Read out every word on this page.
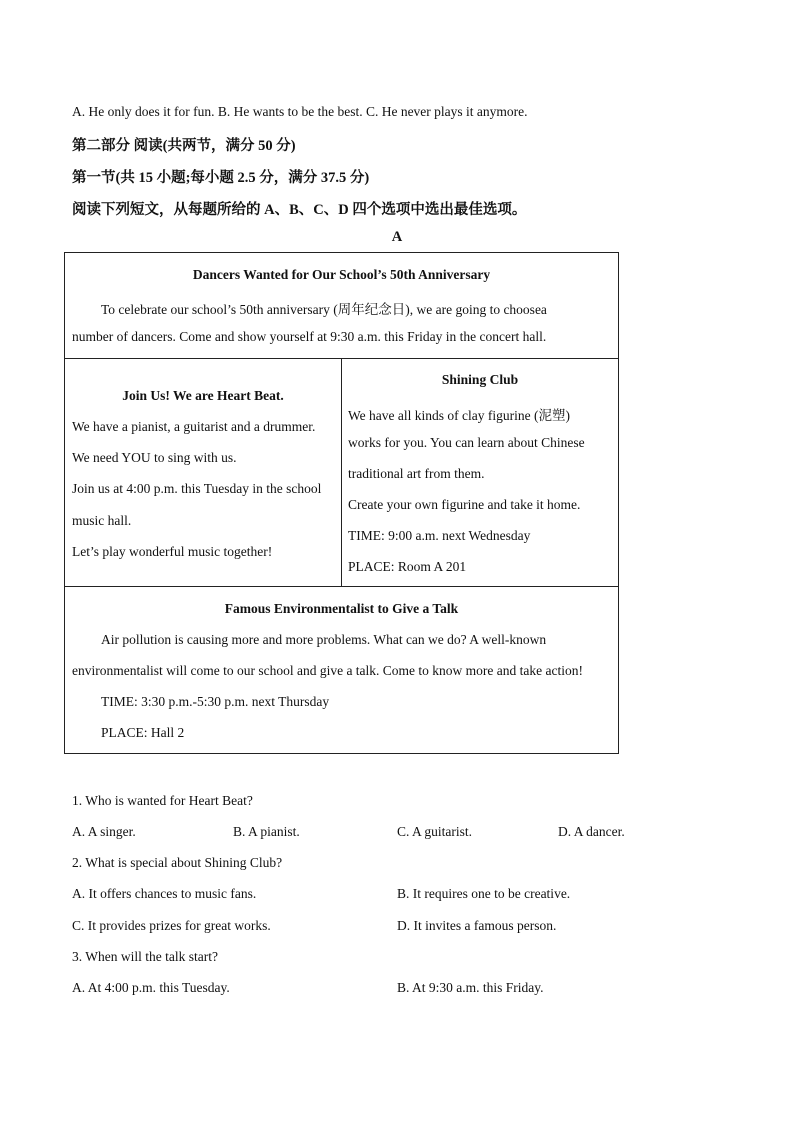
A. He only does it for fun. B. He wants to be the best. C. He never plays it anymore.
第二部分 阅读(共两节，满分 50 分)
第一节(共 15 小题;每小题 2.5 分，满分 37.5 分)
阅读下列短文，从每题所给的 A、B、C、D 四个选项中选出最佳选项。
A
Dancers Wanted for Our School’s 50th Anniversary
To celebrate our school’s 50th anniversary (周年纪念日), we are going to choosea
number of dancers. Come and show yourself at 9:30 a.m. this Friday in the concert hall.
Join Us! We are Heart Beat.
We have a pianist, a guitarist and a drummer.
We need YOU to sing with us.
Join us at 4:00 p.m. this Tuesday in the school
music hall.
Let’s play wonderful music together!
Shining Club
We have all kinds of clay figurine (泥塑)
works for you. You can learn about Chinese
traditional art from them.
Create your own figurine and take it home.
TIME: 9:00 a.m. next Wednesday
PLACE: Room A 201
Famous Environmentalist to Give a Talk
Air pollution is causing more and more problems. What can we do? A well-known
environmentalist will come to our school and give a talk. Come to know more and take action!
TIME: 3:30 p.m.-5:30 p.m. next Thursday
PLACE: Hall 2
1. Who is wanted for Heart Beat?
A. A singer.	B. A pianist.	C. A guitarist.	D. A dancer.
2. What is special about Shining Club?
A. It offers chances to music fans.	B. It requires one to be creative.
C. It provides prizes for great works.	D. It invites a famous person.
3. When will the talk start?
A. At 4:00 p.m. this Tuesday.	B. At 9:30 a.m. this Friday.
